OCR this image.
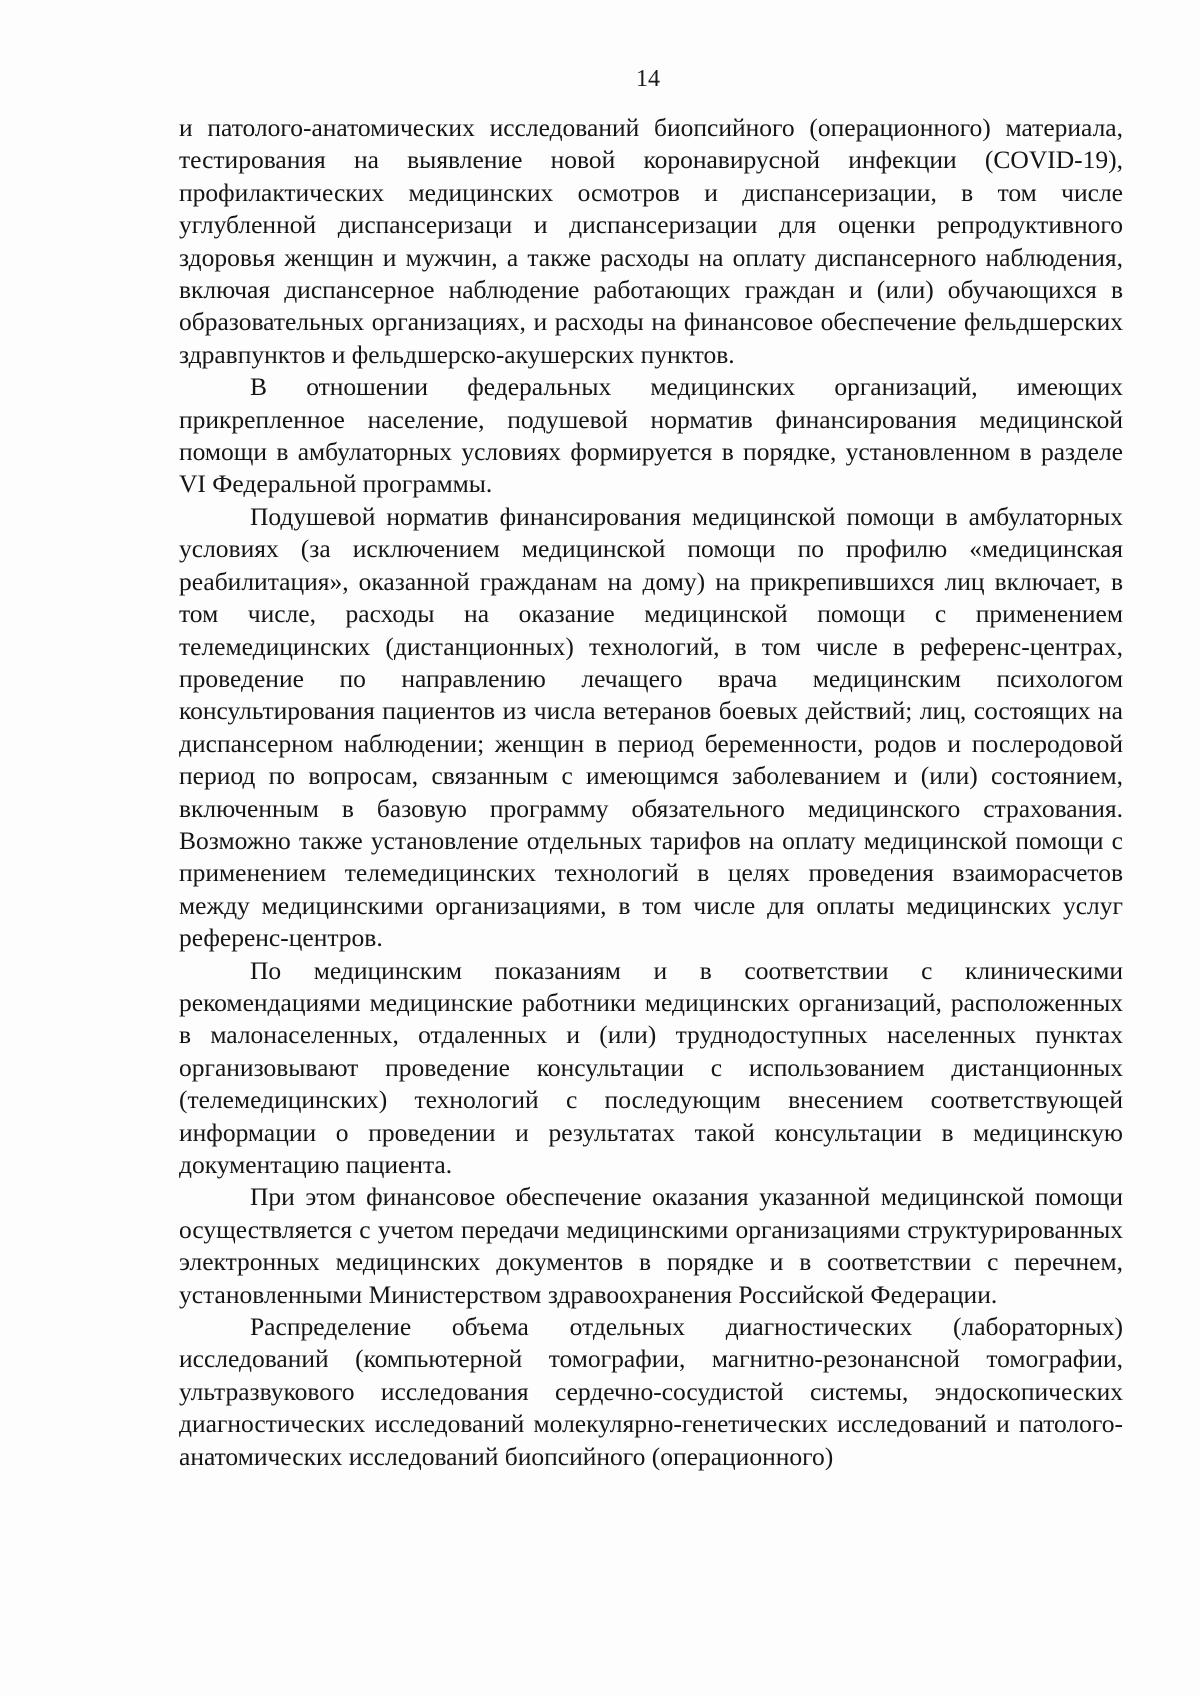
14

и патолого-анатомических исследований биопсийного (операционного) материала, тестирования на выявление новой коронавирусной инфекции (COVID-19), профилактических медицинских осмотров и диспансеризации, в том числе углубленной диспансеризаци и диспансеризации для оценки репродуктивного здоровья женщин и мужчин, а также расходы на оплату диспансерного наблюдения, включая диспансерное наблюдение работающих граждан и (или) обучающихся в образовательных организациях, и расходы на финансовое обеспечение фельдшерских здравпунктов и фельдшерско-акушерских пунктов.

В отношении федеральных медицинских организаций, имеющих прикрепленное население, подушевой норматив финансирования медицинской помощи в амбулаторных условиях формируется в порядке, установленном в разделе VI Федеральной программы.

Подушевой норматив финансирования медицинской помощи в амбулаторных условиях (за исключением медицинской помощи по профилю «медицинская реабилитация», оказанной гражданам на дому) на прикрепившихся лиц включает, в том числе, расходы на оказание медицинской помощи с применением телемедицинских (дистанционных) технологий, в том числе в референс-центрах, проведение по направлению лечащего врача медицинским психологом консультирования пациентов из числа ветеранов боевых действий; лиц, состоящих на диспансерном наблюдении; женщин в период беременности, родов и послеродовой период по вопросам, связанным с имеющимся заболеванием и (или) состоянием, включенным в базовую программу обязательного медицинского страхования. Возможно также установление отдельных тарифов на оплату медицинской помощи с применением телемедицинских технологий в целях проведения взаиморасчетов между медицинскими организациями, в том числе для оплаты медицинских услуг референс-центров.

По медицинским показаниям и в соответствии с клиническими рекомендациями медицинские работники медицинских организаций, расположенных в малонаселенных, отдаленных и (или) труднодоступных населенных пунктах организовывают проведение консультации с использованием дистанционных (телемедицинских) технологий с последующим внесением соответствующей информации о проведении и результатах такой консультации в медицинскую документацию пациента.

При этом финансовое обеспечение оказания указанной медицинской помощи осуществляется с учетом передачи медицинскими организациями структурированных электронных медицинских документов в порядке и в соответствии с перечнем, установленными Министерством здравоохранения Российской Федерации.

Распределение объема отдельных диагностических (лабораторных) исследований (компьютерной томографии, магнитно-резонансной томографии, ультразвукового исследования сердечно-сосудистой системы, эндоскопических диагностических исследований молекулярно-генетических исследований и патолого-анатомических исследований биопсийного (операционного)
